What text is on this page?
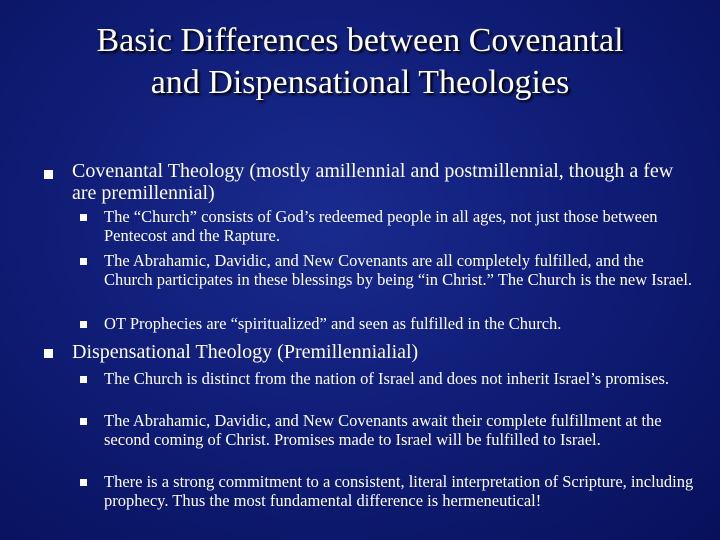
Basic Differences between Covenantal
and Dispensational Theologies
Covenantal Theology (mostly amillennial and postmillennial, though a few are premillennial)
The “Church” consists of God’s redeemed people in all ages, not just those between Pentecost and the Rapture.
The Abrahamic, Davidic, and New Covenants are all completely fulfilled, and the Church participates in these blessings by being “in Christ.” The Church is the new Israel.
OT Prophecies are “spiritualized” and seen as fulfilled in the Church.
Dispensational Theology (Premillennialial)
The Church is distinct from the nation of Israel and does not inherit Israel’s promises.
The Abrahamic, Davidic, and New Covenants await their complete fulfillment at the second coming of Christ. Promises made to Israel will be fulfilled to Israel.
There is a strong commitment to a consistent, literal interpretation of Scripture, including prophecy. Thus the most fundamental difference is hermeneutical!
